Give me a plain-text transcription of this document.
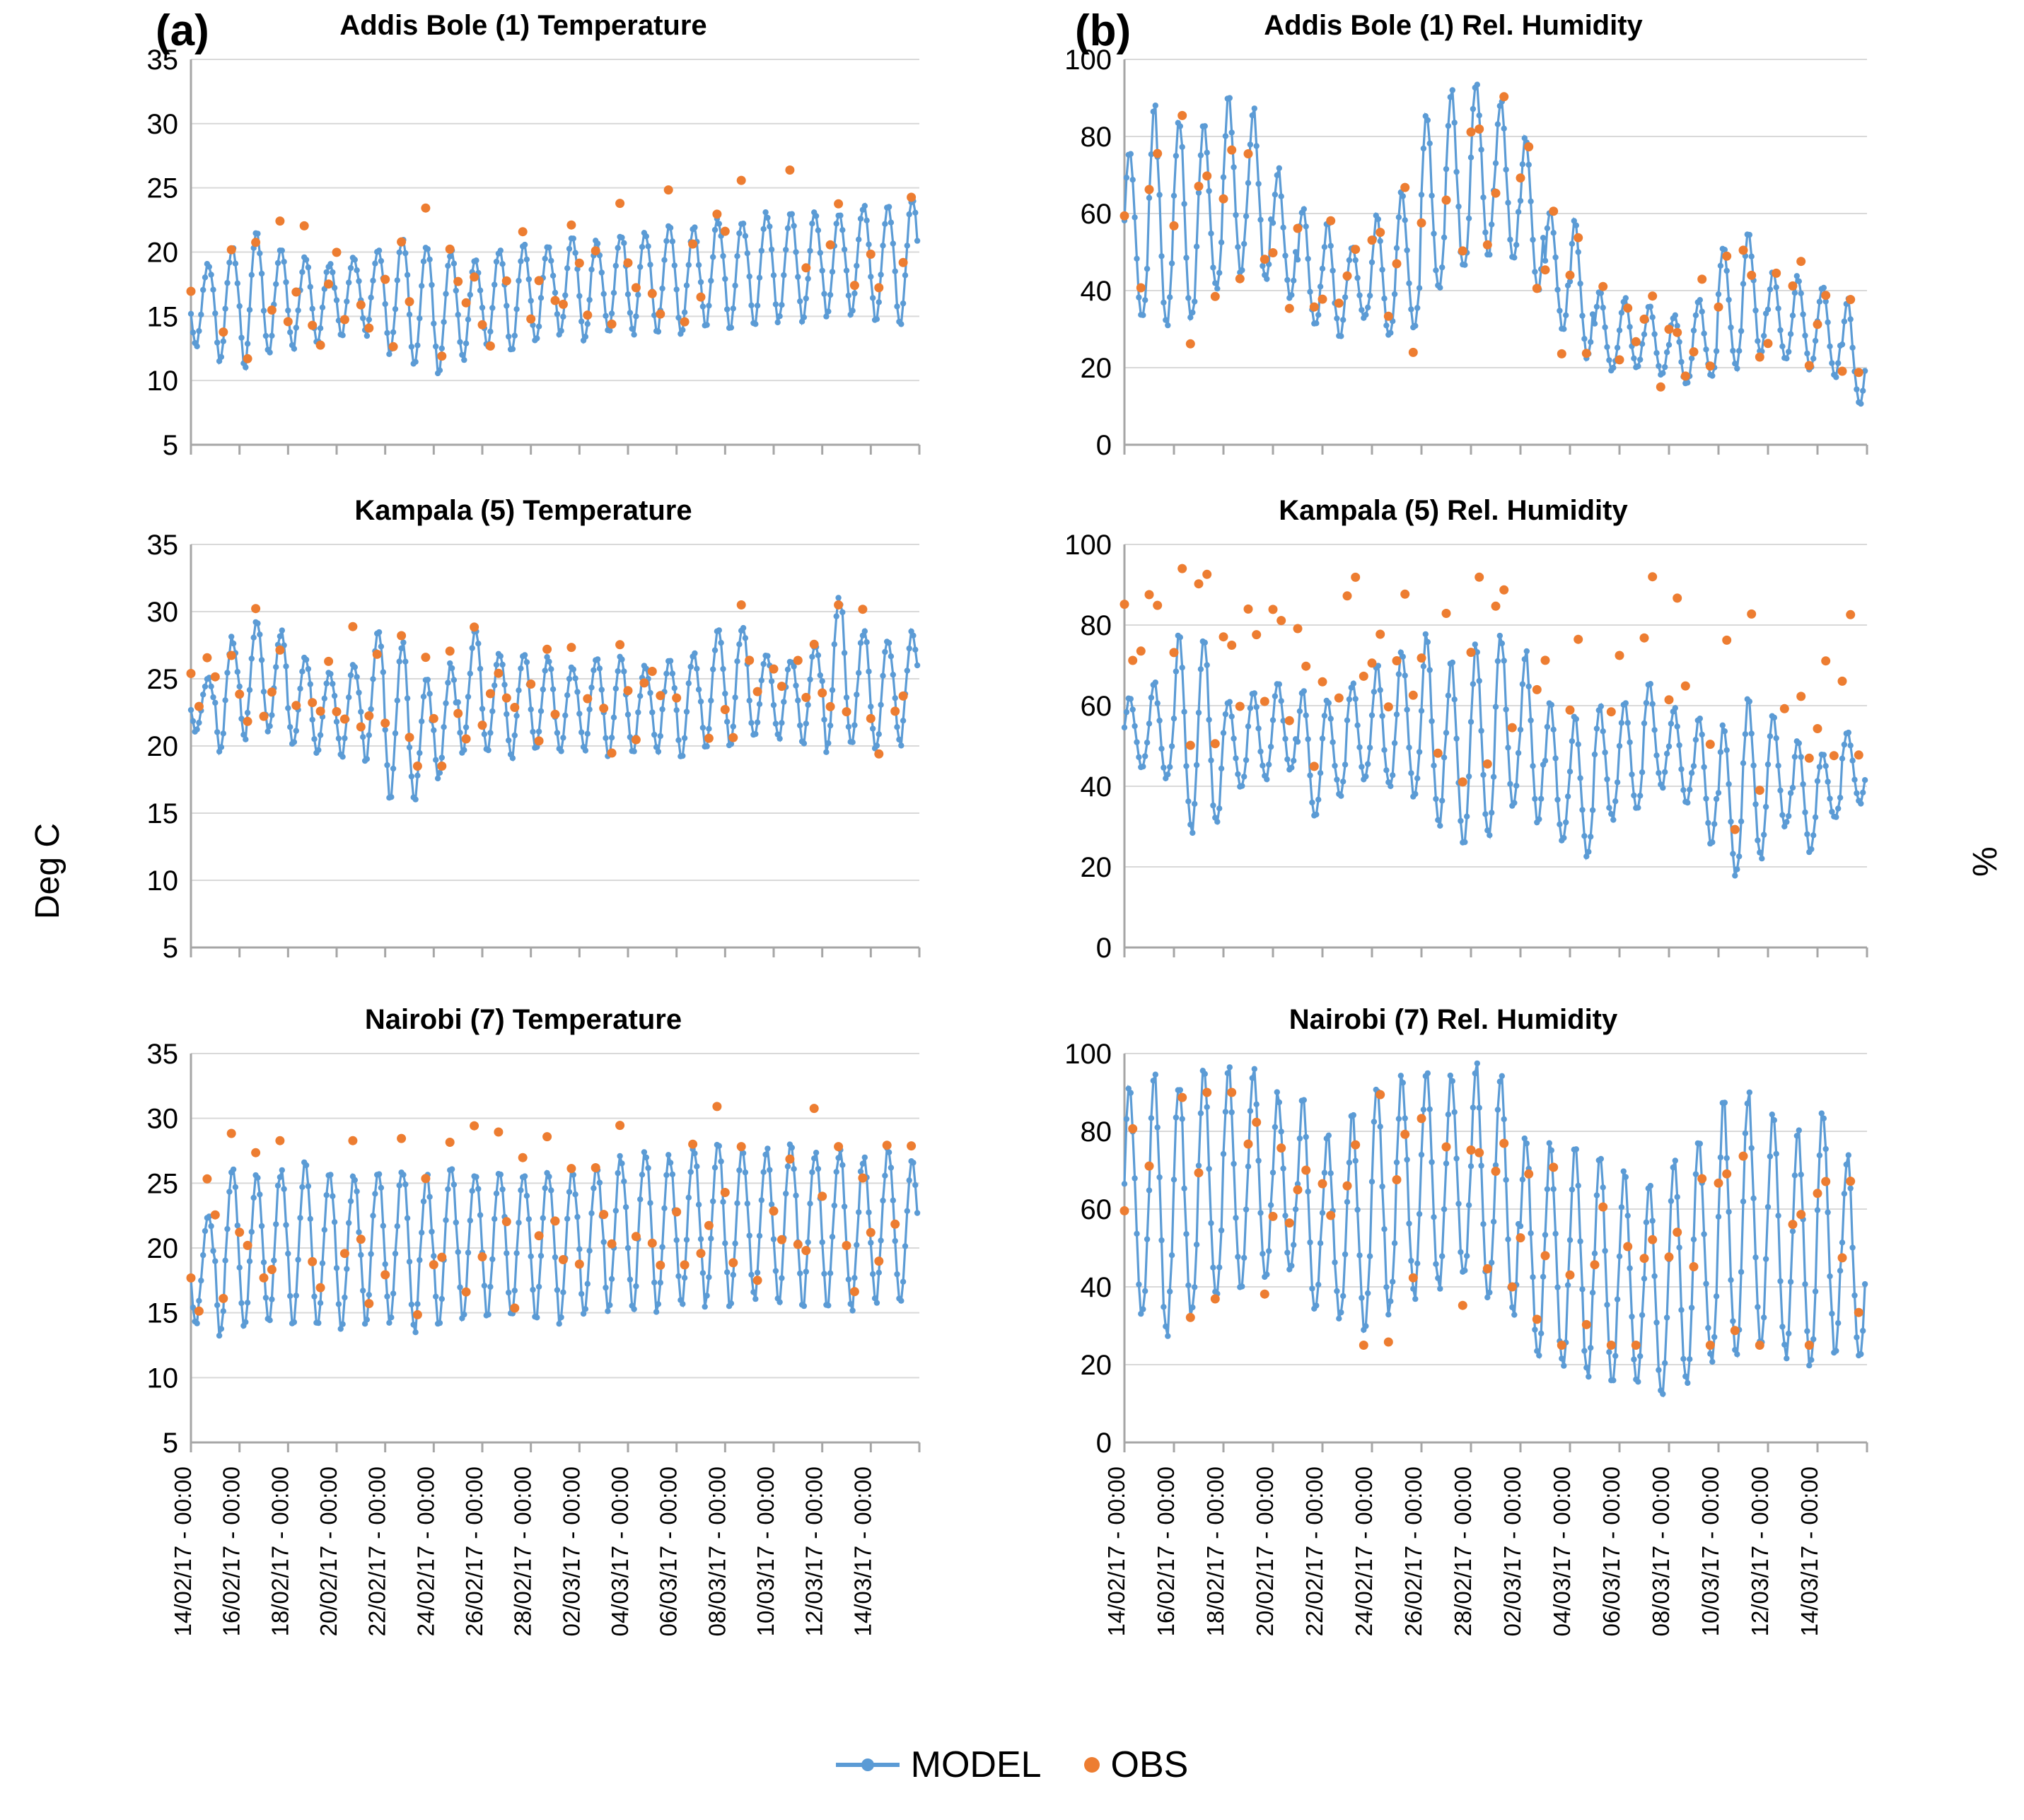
(a)	(b)
Deg C	%
Addis Bole (1) Temperature
5
10
15
20
25
30
35
Kampala (5) Temperature
5
10
15
20
25
30
35
Nairobi (7) Temperature
5
10
15
20
25
30
35
14/02/17 - 00:00 16/02/17 - 00:00 18/02/17 - 00:00 20/02/17 - 00:00 22/02/17 - 00:00 24/02/17 - 00:00 26/02/17 - 00:00 28/02/17 - 00:00 02/03/17 - 00:00 04/03/17 - 00:00 06/03/17 - 00:00 08/03/17 - 00:00 10/03/17 - 00:00 12/03/17 - 00:00 14/03/17 - 00:00
Addis Bole (1) Rel. Humidity
0
20
40
60
80
100
Kampala (5) Rel. Humidity
0
20
40
60
80
100
Nairobi (7) Rel. Humidity
0
20
40
60
80
100
14/02/17 - 00:00 16/02/17 - 00:00 18/02/17 - 00:00 20/02/17 - 00:00 22/02/17 - 00:00 24/02/17 - 00:00 26/02/17 - 00:00 28/02/17 - 00:00 02/03/17 - 00:00 04/03/17 - 00:00 06/03/17 - 00:00 08/03/17 - 00:00 10/03/17 - 00:00 12/03/17 - 00:00 14/03/17 - 00:00
MODEL OBS
